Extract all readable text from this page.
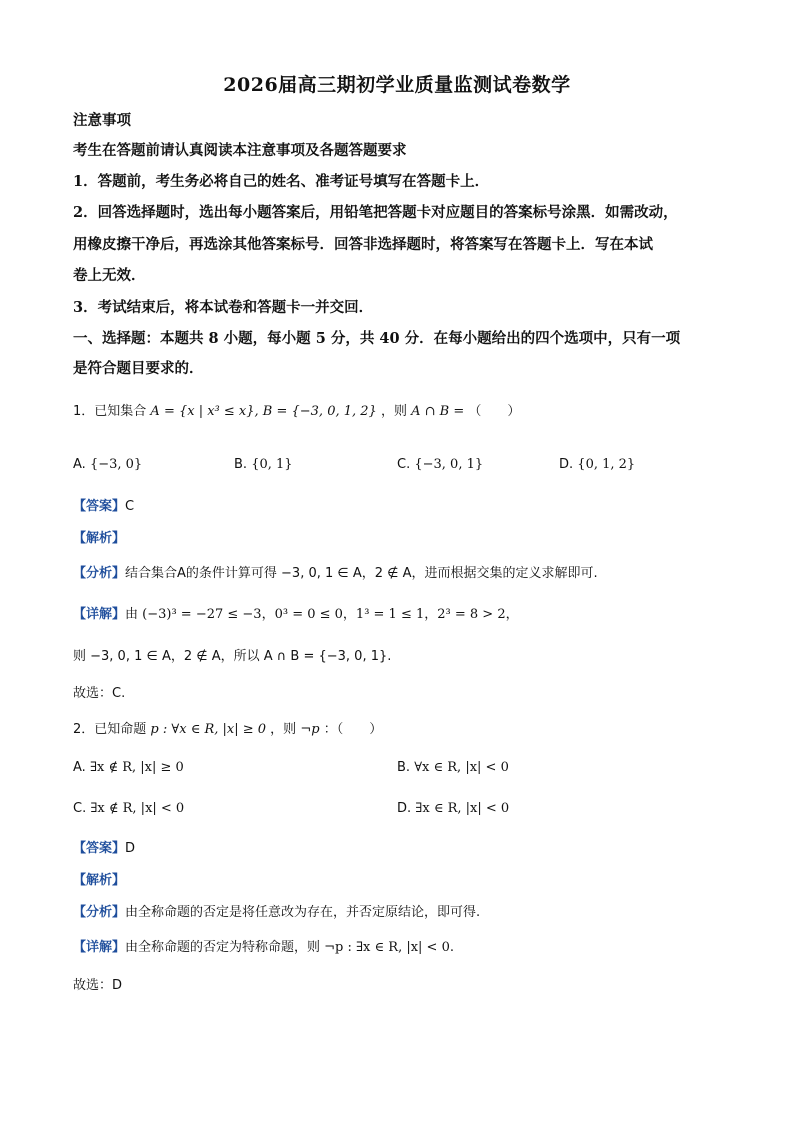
2026届高三期初学业质量监测试卷数学
注意事项
考生在答题前请认真阅读本注意事项及各题答题要求
1．答题前，考生务必将自己的姓名、准考证号填写在答题卡上．
2．回答选择题时，选出每小题答案后，用铅笔把答题卡对应题目的答案标号涂黑．如需改动，
用橡皮擦干净后，再选涂其他答案标号．回答非选择题时，将答案写在答题卡上．写在本试
卷上无效．
3．考试结束后，将本试卷和答题卡一并交回．
一、选择题：本题共 8 小题，每小题 5 分，共 40 分．在每小题给出的四个选项中，只有一项
是符合题目要求的．
1．已知集合 A = {x | x³ ≤ x}, B = {−3, 0, 1, 2} ，则 A ∩ B = （　　）
A. {−3, 0}	B. {0, 1}	C. {−3, 0, 1}	D. {0, 1, 2}
【答案】C
【解析】
【分析】结合集合A的条件计算可得 −3, 0, 1 ∈ A，2 ∉ A，进而根据交集的定义求解即可.
【详解】由 (−3)³ = −27 ≤ −3，0³ = 0 ≤ 0，1³ = 1 ≤ 1，2³ = 8 > 2，
则 −3, 0, 1 ∈ A，2 ∉ A，所以 A ∩ B = {−3, 0, 1}.
故选：C.
2．已知命题 p : ∀x ∈ R, |x| ≥ 0 ，则 ¬p ：（　　）
A. ∃x ∉ R, |x| ≥ 0	B. ∀x ∈ R, |x| < 0
C. ∃x ∉ R, |x| < 0	D. ∃x ∈ R, |x| < 0
【答案】D
【解析】
【分析】由全称命题的否定是将任意改为存在，并否定原结论，即可得.
【详解】由全称命题的否定为特称命题，则 ¬p : ∃x ∈ R, |x| < 0.
故选：D
